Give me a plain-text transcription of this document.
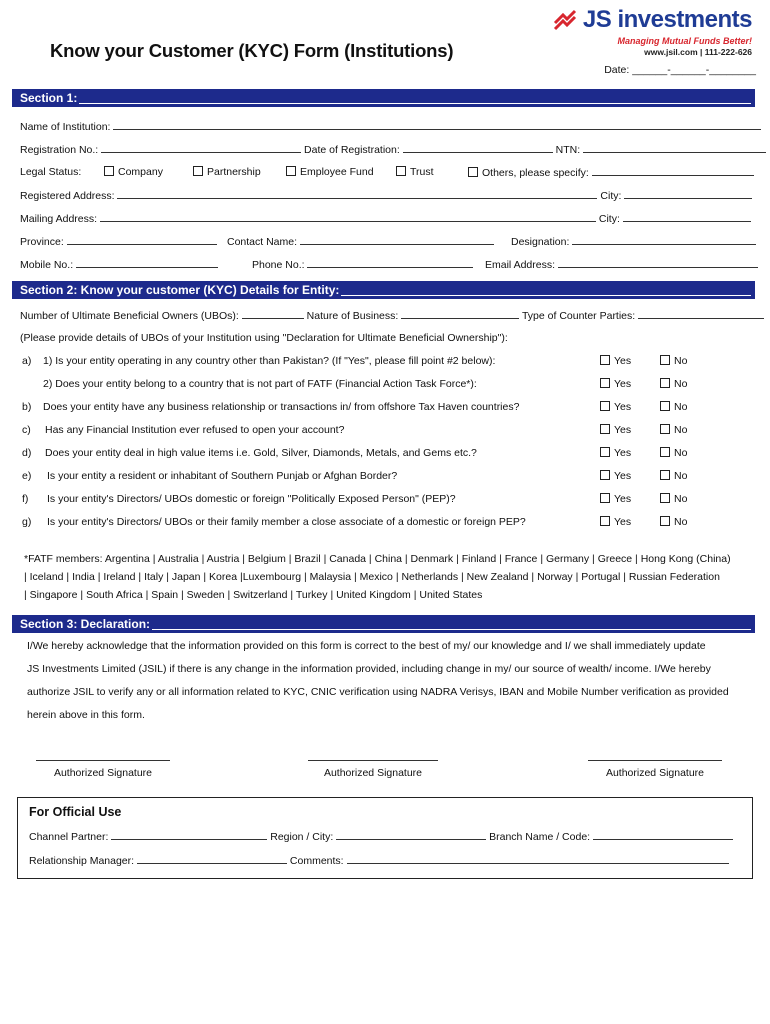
Know your Customer (KYC) Form (Institutions)
JS investments
Managing Mutual Funds Better!
www.jsil.com | 111-222-626
Date: ______-______-________
Section 1:
Name of Institution:
Registration No.:	Date of Registration:	NTN:
Legal Status:	Company	Partnership	Employee Fund	Trust	Others, please specify:
Registered Address:	City:
Mailing Address:	City:
Province:	Contact Name:	Designation:
Mobile No.:	Phone No.:	Email Address:
Section 2: Know your customer (KYC) Details for Entity:
Number of Ultimate Beneficial Owners (UBOs):	Nature of Business:	Type of Counter Parties:
(Please provide details of UBOs of your Institution using "Declaration for Ultimate Beneficial Ownership"):
a) 1) Is your entity operating in any country other than Pakistan? (If "Yes", please fill point #2 below):	Yes	No
2) Does your entity belong to a country that is not part of FATF (Financial Action Task Force*):	Yes	No
b) Does your entity have any business relationship or transactions in/ from offshore Tax Haven countries?	Yes	No
c) Has any Financial Institution ever refused to open your account?	Yes	No
d) Does your entity deal in high value items i.e. Gold, Silver, Diamonds, Metals, and Gems etc.?	Yes	No
e) Is your entity a resident or inhabitant of Southern Punjab or Afghan Border?	Yes	No
f) Is your entity's Directors/ UBOs domestic or foreign "Politically Exposed Person" (PEP)?	Yes	No
g) Is your entity's Directors/ UBOs or their family member a close associate of a domestic or foreign PEP?	Yes	No
*FATF members: Argentina | Australia | Austria | Belgium | Brazil | Canada | China | Denmark | Finland | France | Germany | Greece | Hong Kong (China)
| Iceland | India | Ireland | Italy | Japan | Korea |Luxembourg | Malaysia | Mexico | Netherlands | New Zealand | Norway | Portugal | Russian Federation
| Singapore | South Africa | Spain | Sweden | Switzerland | Turkey | United Kingdom | United States
Section 3: Declaration:
I/We hereby acknowledge that the information provided on this form is correct to the best of my/ our knowledge and I/ we shall immediately update
JS Investments Limited (JSIL) if there is any change in the information provided, including change in my/ our source of wealth/ income. I/We hereby
authorize JSIL to verify any or all information related to KYC, CNIC verification using NADRA Verisys, IBAN and Mobile Number verification as provided
herein above in this form.
Authorized Signature	Authorized Signature	Authorized Signature
For Official Use
Channel Partner:	Region / City:	Branch Name / Code:
Relationship Manager:	Comments:
